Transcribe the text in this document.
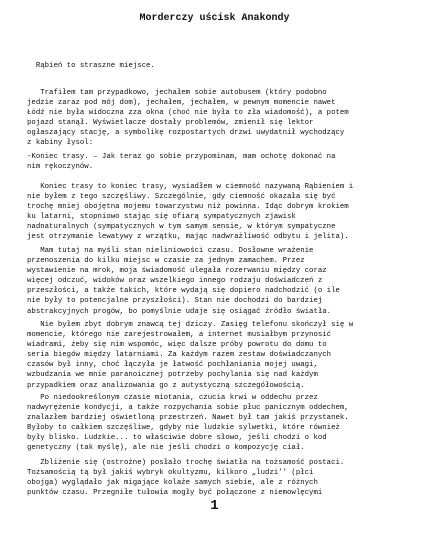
Morderczy uścisk Anakondy

Rąbień to straszne miejsce.

Trafiłem tam przypadkowo, jechałem sobie autobusem (który podobno
jedzie zaraz pod mój dom), jechałem, jechałem, w pewnym momencie nawet
Łódź nie była widoczna zza okna (choć nie była to zła wiadomość), a potem
pojazd stanął. Wyświetlacze dostały problemów, zmienił się lektor
ogłaszający stację, a symbolikę rozpostartych drzwi uwydatnił wychodzący
z kabiny łysol:

-Koniec trasy. – Jak teraz go sobie przypominam, mam ochotę dokonać na
nim rękoczynów.

Koniec trasy to koniec trasy, wysiadłem w ciemność nazywaną Rąbieniem i
nie byłem z tego szczęśliwy. Szczególnie, gdy ciemność okazała się być
trochę mniej obojętna mojemu towarzystwu niż powinna. Idąc dobrym krokiem
ku latarni, stopniowo stając się ofiarą sympatycznych zjawisk
nadnaturalnych (sympatycznych w tym samym sensie, w którym sympatyczne
jest otrzymanie lewatywy z wrzątku, mając nadwrażliwość odbytu i jelita).

Mam tutaj na myśli stan nieliniowości czasu. Dosłowne wrażenie
przenoszenia do kilku miejsc w czasie za jednym zamachem. Przez
wystawienie na mrok, moja świadomość ulegała rozerwaniu między coraz
więcej odczuć, widoków oraz wszelkiego innego rodzaju doświadczeń z
przeszłości, a także takich, które wydają się dopiero nadchodzić (o ile
nie były to potencjalne przyszłości). Stan nie dochodzi do bardziej
abstrakcyjnych progów, bo pomyślnie udaje się osiągać źródło światła.

Nie byłem zbyt dobrym znawcą tej dziczy. Zasięg telefonu skończył się w
momencie, którego nie zarejestrowałem, a internet musiałbym przynosić
wiadrami, żeby się nim wspomóc, więc dalsze próby powrotu do domu to
seria biegów między latarniami. Za każdym razem zestaw doświadczanych
czasów był inny, choć łączyła je łatwość pochłaniania mojej uwagi,
wzbudzania we mnie paranoicznej potrzeby pochylania się nad każdym
przypadkiem oraz analizowania go z autystyczną szczegółowością.

Po niedookreślonym czasie miotania, czucia krwi w oddechu przez
nadwyrężenie kondycji, a także rozpychania sobie płuc panicznym oddechem,
znalazłem bardziej oświetloną przestrzeń. Nawet był tam jakiś przystanek.
Byłoby to całkiem szczęśliwe, gdyby nie ludzkie sylwetki, które również
były blisko. Ludzkie... to właściwie dobre słowo, jeśli chodzi o kod
genetyczny (tak myślę), ale nie jeśli chodzi o kompozycję ciał.

Zbliżenie się (ostrożne) posłało trochę światła na tożsamość postaci.
Tożsamością tą był jakiś wybryk okultyzmu, kilkoro „ludzi’’ (płci
obojga) wyglądało jak migające kolaże samych siebie, ale z różnych
punktów czasu. Przegniłe tułowia mogły być połączone z niemowlęcymi

1
